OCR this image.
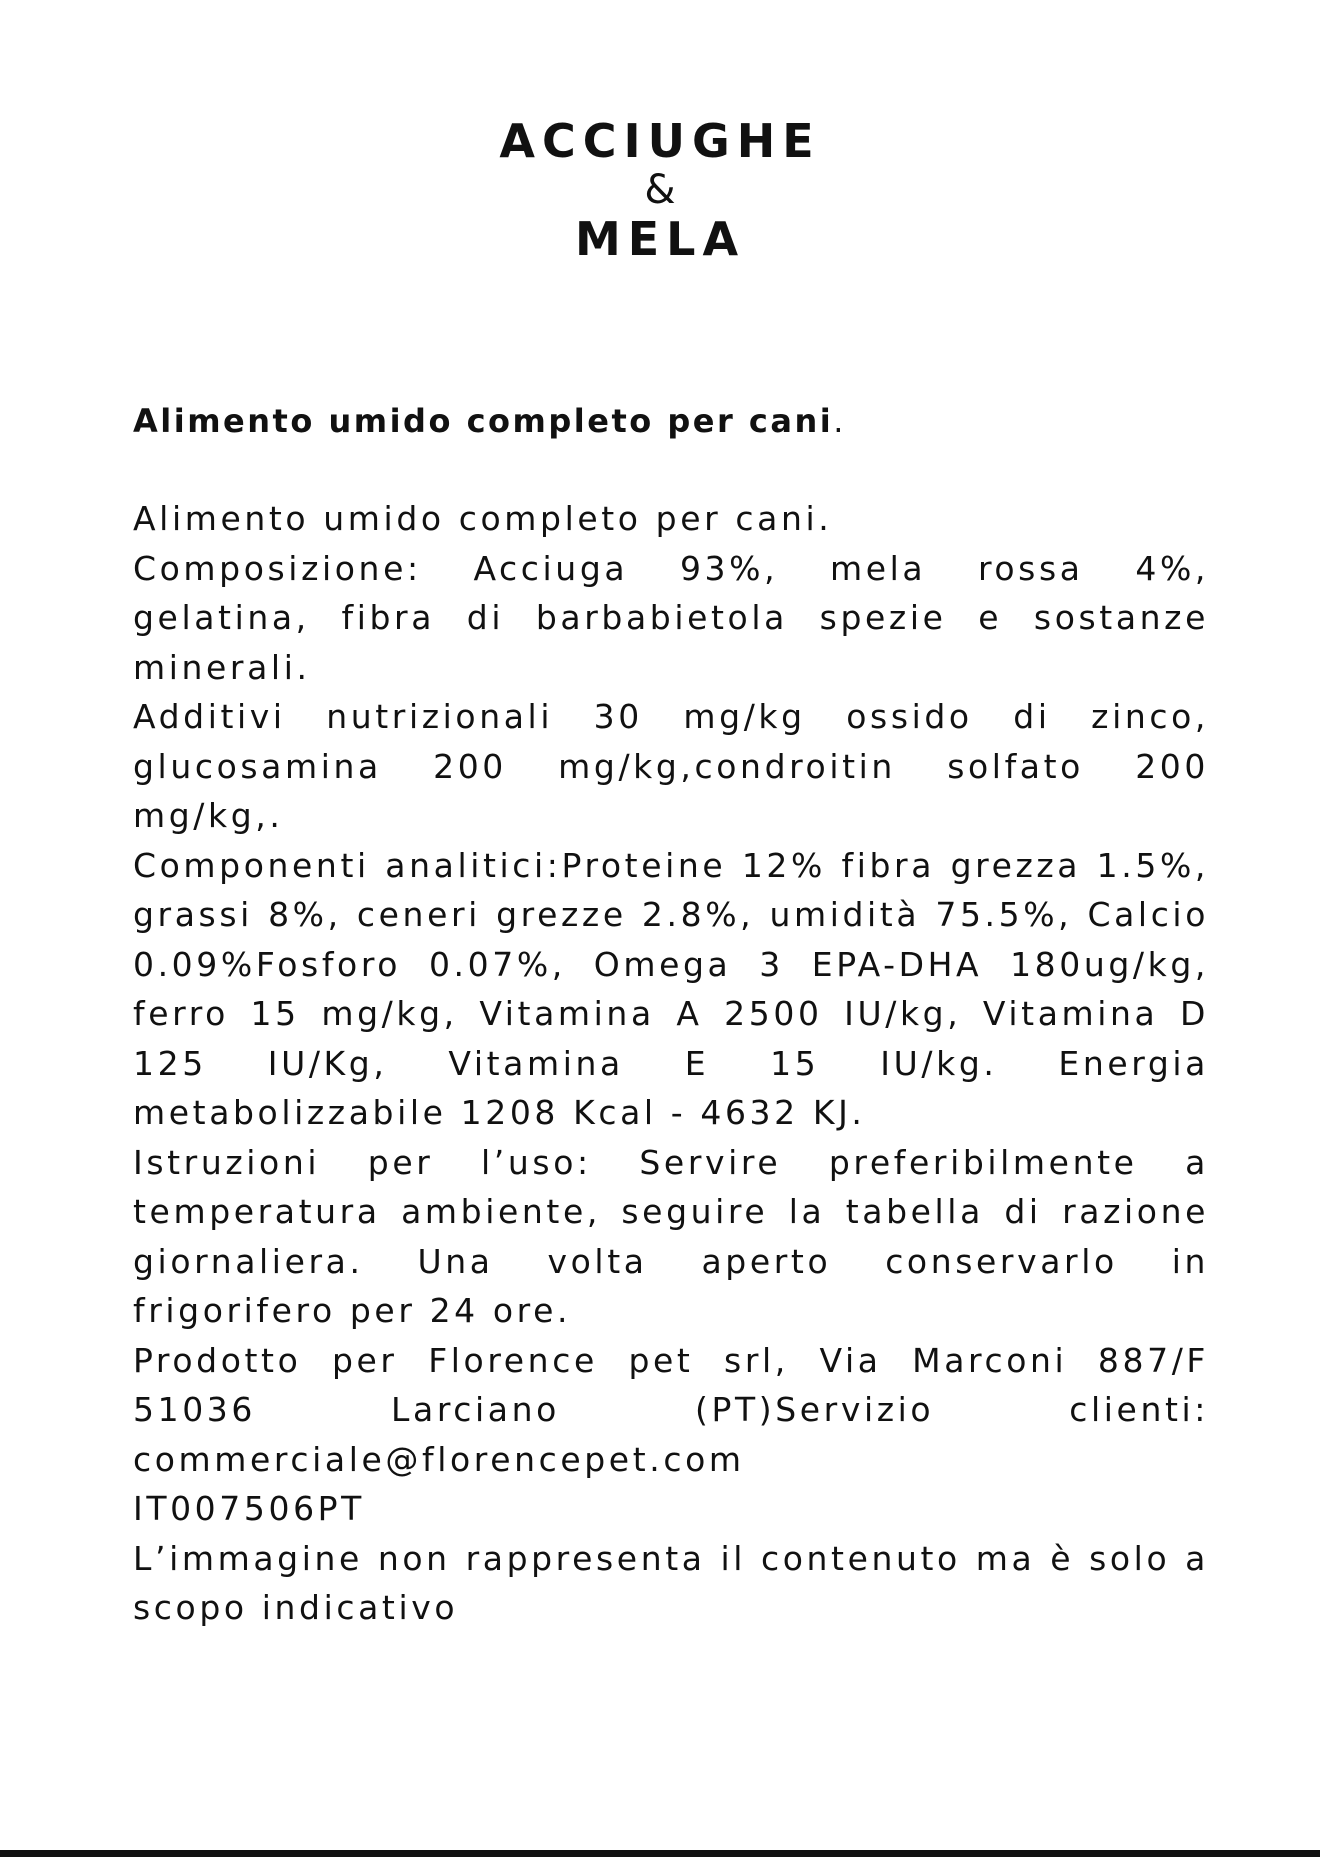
ACCIUGHE
&
MELA

Alimento umido completo per cani.

Alimento umido completo per cani.

Composizione: Acciuga 93%, mela rossa 4%, gelatina, fibra di barbabietola spezie e sostanze minerali.

Additivi nutrizionali 30 mg/kg ossido di zinco, glucosamina 200 mg/kg,condroitin solfato 200 mg/kg,.

Componenti analitici:Proteine 12% fibra grezza 1.5%, grassi 8%, ceneri grezze 2.8%, umidità 75.5%, Calcio 0.09%Fosforo 0.07%, Omega 3 EPA-DHA 180ug/kg, ferro 15 mg/kg, Vitamina A 2500 IU/kg, Vitamina D 125 IU/Kg, Vitamina E 15 IU/kg. Energia metabolizzabile 1208 Kcal - 4632 KJ.

Istruzioni per l’uso: Servire preferibilmente a temperatura ambiente, seguire la tabella di razione giornaliera. Una volta aperto conservarlo in frigorifero per 24 ore.

Prodotto per Florence pet srl, Via Marconi 887/F 51036 Larciano (PT)Servizio clienti: commerciale@florencepet.com

IT007506PT

L’immagine non rappresenta il contenuto ma è solo a scopo indicativo
